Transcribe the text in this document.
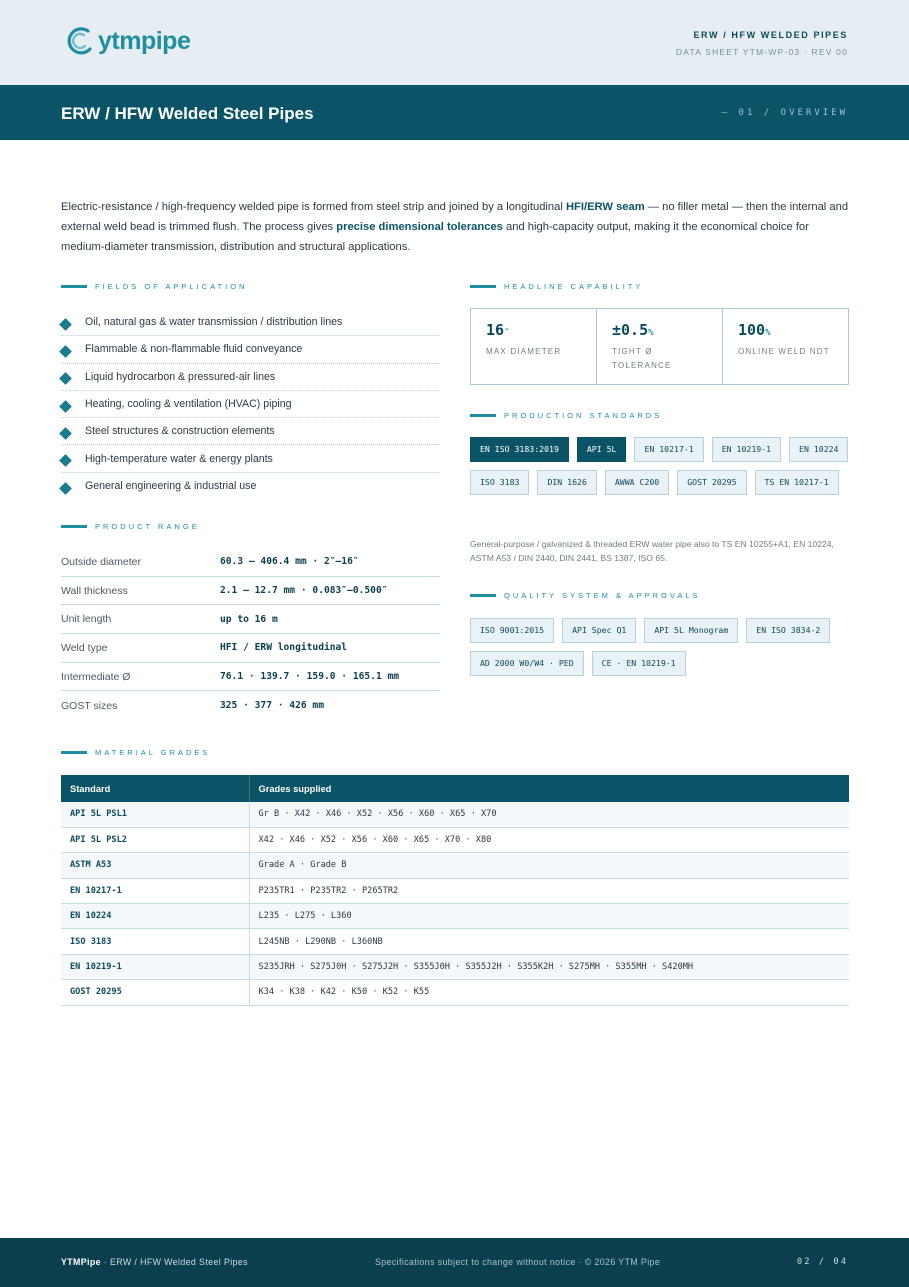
ytmpipe	ERW / HFW WELDED PIPES
DATA SHEET YTM-WP-03 · REV 00
ERW / HFW Welded Steel Pipes	— 01 / OVERVIEW

Electric-resistance / high-frequency welded pipe is formed from steel strip and joined by a longitudinal HFI/ERW seam — no filler metal — then the internal and external weld bead is trimmed flush. The process gives precise dimensional tolerances and high-capacity output, making it the economical choice for medium-diameter transmission, distribution and structural applications.

FIELDS OF APPLICATION
Oil, natural gas & water transmission / distribution lines
Flammable & non-flammable fluid conveyance
Liquid hydrocarbon & pressured-air lines
Heating, cooling & ventilation (HVAC) piping
Steel structures & construction elements
High-temperature water & energy plants
General engineering & industrial use
PRODUCT RANGE
Outside diameter	60.3 – 406.4 mm · 2″–16″
Wall thickness	2.1 – 12.7 mm · 0.083″–0.500″
Unit length	up to 16 m
Weld type	HFI / ERW longitudinal
Intermediate Ø	76.1 · 139.7 · 159.0 · 165.1 mm
GOST sizes	325 · 377 · 426 mm
HEADLINE CAPABILITY
16″
MAX DIAMETER
±0.5%
TIGHT Ø TOLERANCE
100%
ONLINE WELD NDT
PRODUCTION STANDARDS
EN ISO 3183:2019	API 5L	EN 10217-1	EN 10219-1	EN 10224
ISO 3183	DIN 1626	AWWA C200	GOST 20295	TS EN 10217-1
General-purpose / galvanized & threaded ERW water pipe also to TS EN 10255+A1, EN 10224, ASTM A53 / DIN 2440, DIN 2441, BS 1387, ISO 65.
QUALITY SYSTEM & APPROVALS
ISO 9001:2015	API Spec Q1	API 5L Monogram	EN ISO 3834-2
AD 2000 W0/W4 · PED	CE · EN 10219-1
MATERIAL GRADES
Standard	Grades supplied
API 5L PSL1	Gr B · X42 · X46 · X52 · X56 · X60 · X65 · X70
API 5L PSL2	X42 · X46 · X52 · X56 · X60 · X65 · X70 · X80
ASTM A53	Grade A · Grade B
EN 10217-1	P235TR1 · P235TR2 · P265TR2
EN 10224	L235 · L275 · L360
ISO 3183	L245NB · L290NB · L360NB
EN 10219-1	S235JRH · S275J0H · S275J2H · S355J0H · S355J2H · S355K2H · S275MH · S355MH · S420MH
GOST 20295	K34 · K38 · K42 · K50 · K52 · K55
YTMPipe · ERW / HFW Welded Steel Pipes	Specifications subject to change without notice · © 2026 YTM Pipe	02 / 04
